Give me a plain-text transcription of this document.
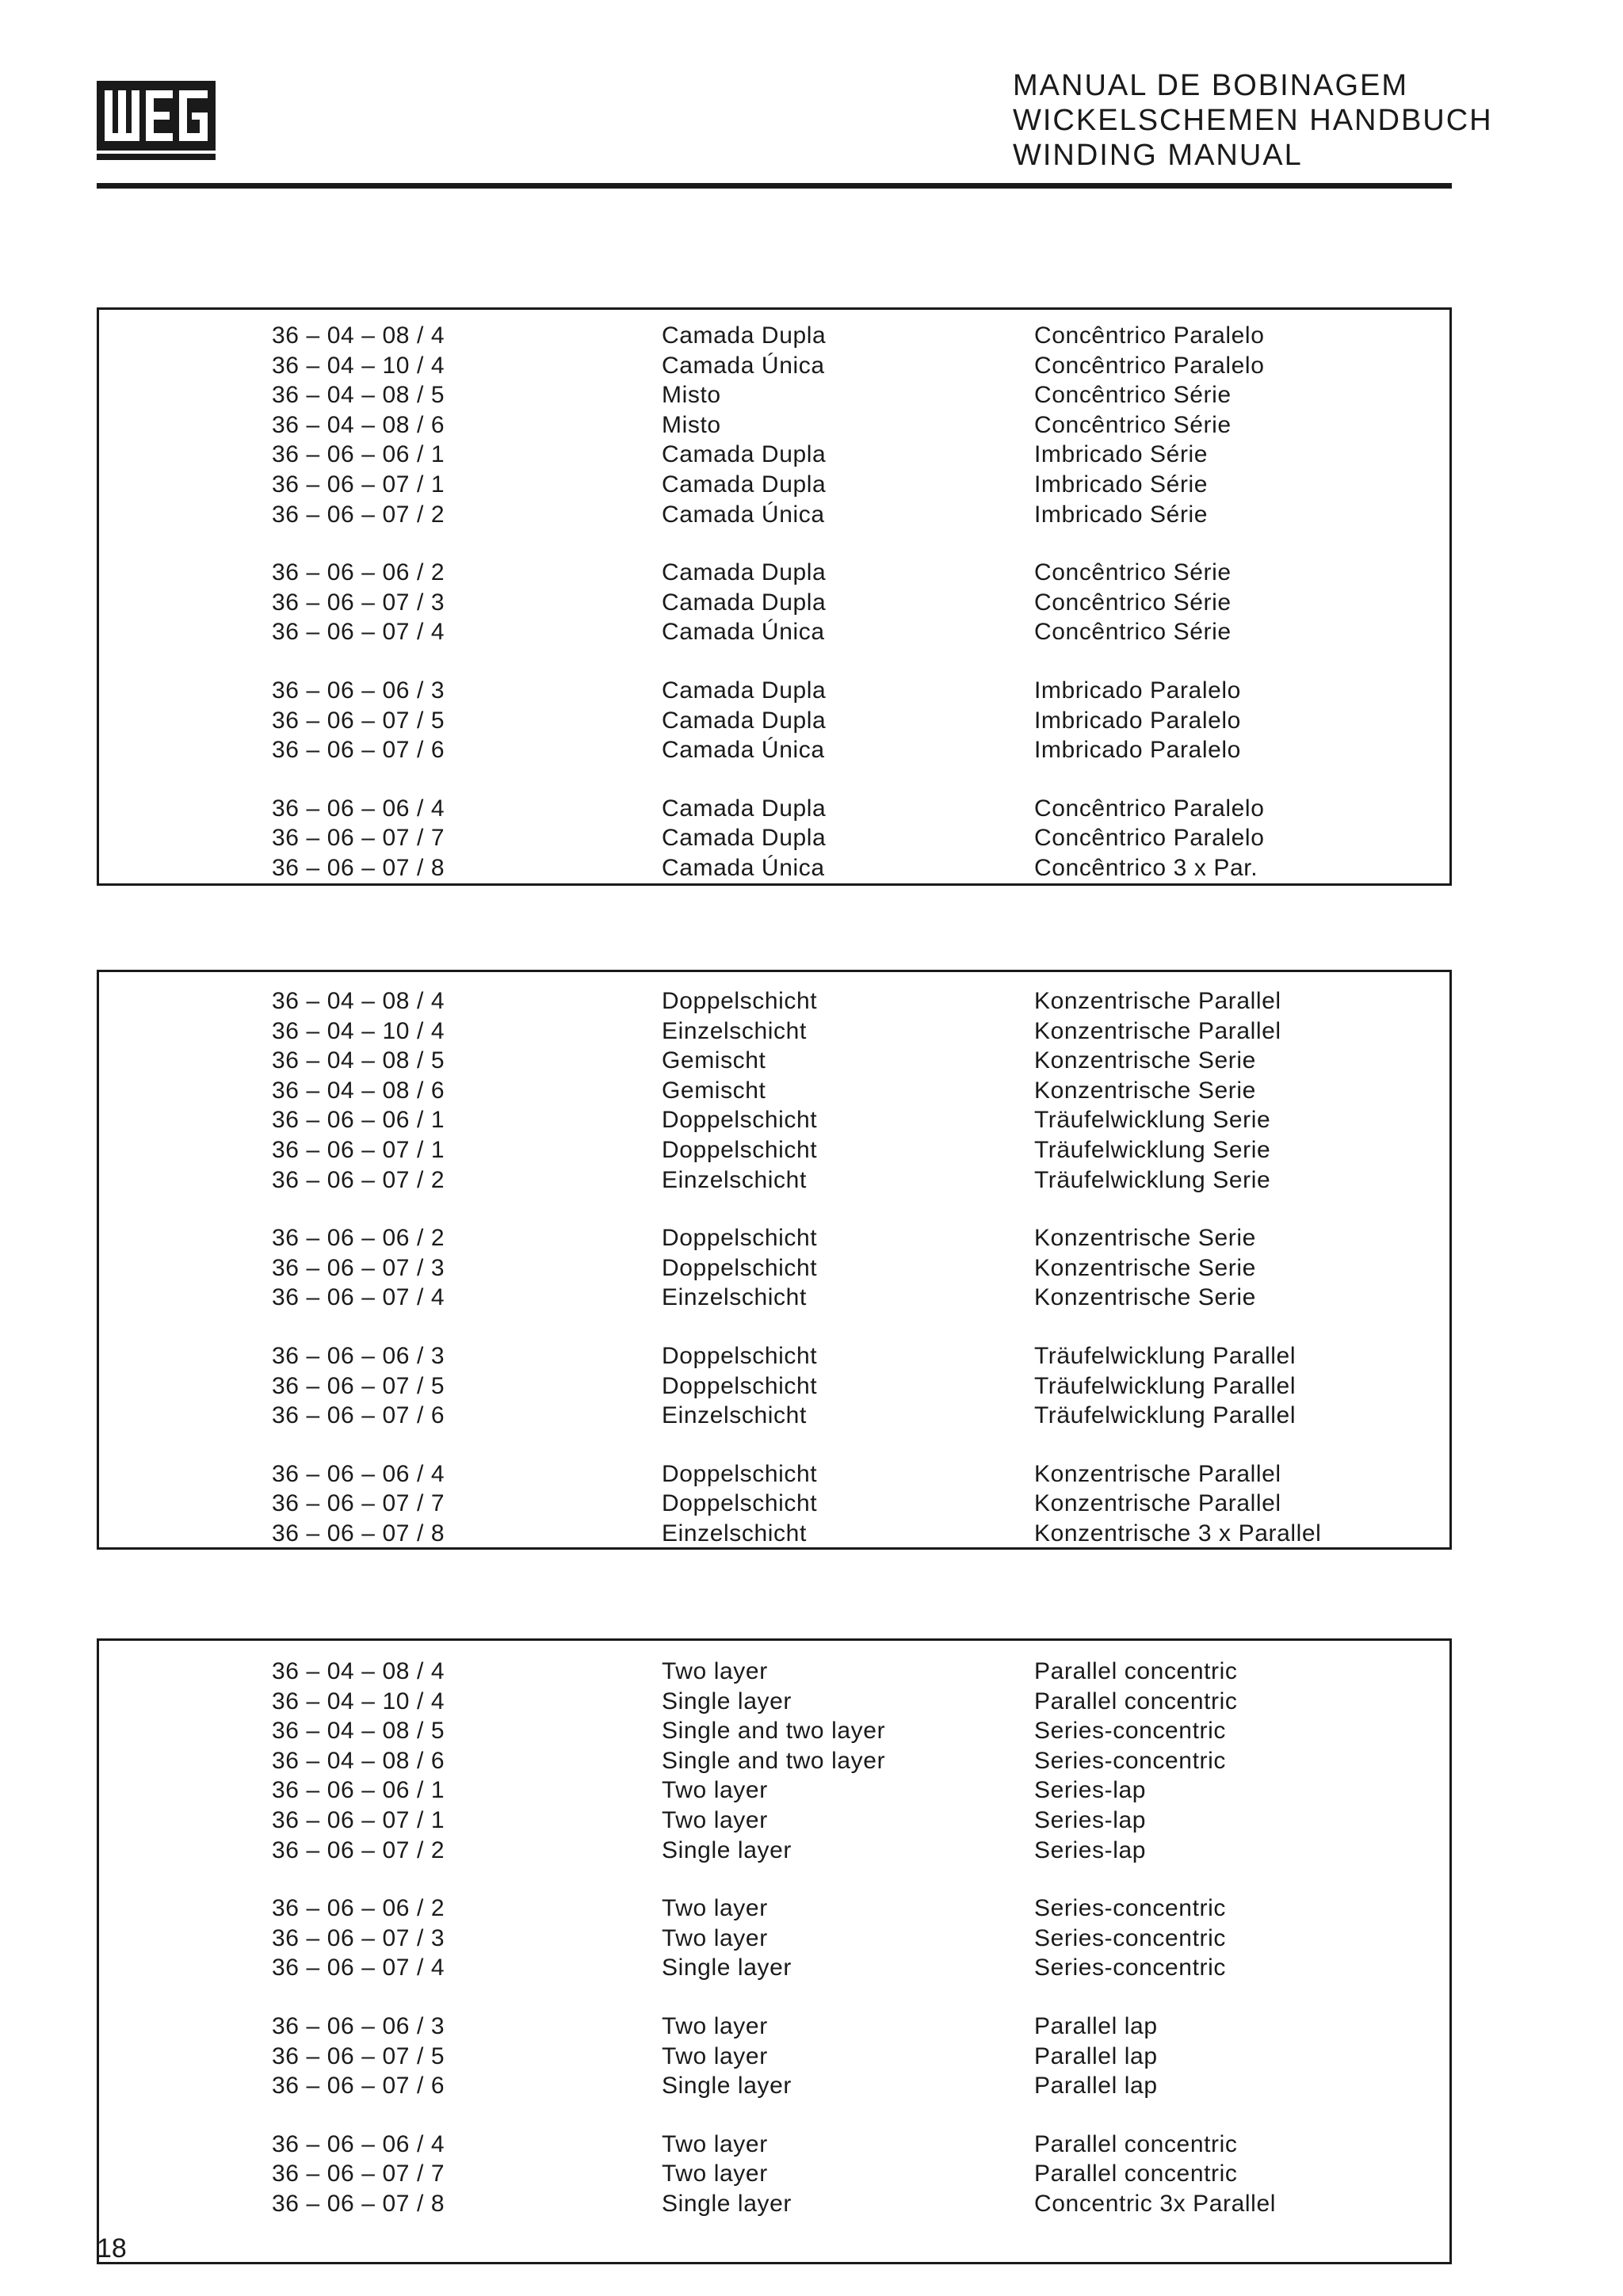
MANUAL DE BOBINAGEM
WICKELSCHEMEN HANDBUCH
WINDING MANUAL
36 – 04 – 08 / 4	Camada Dupla	Concêntrico Paralelo
36 – 04 – 10 / 4	Camada Única	Concêntrico Paralelo
36 – 04 – 08 / 5	Misto	Concêntrico Série
36 – 04 – 08 / 6	Misto	Concêntrico Série
36 – 06 – 06 / 1	Camada Dupla	Imbricado Série
36 – 06 – 07 / 1	Camada Dupla	Imbricado Série
36 – 06 – 07 / 2	Camada Única	Imbricado Série
36 – 06 – 06 / 2	Camada Dupla	Concêntrico Série
36 – 06 – 07 / 3	Camada Dupla	Concêntrico Série
36 – 06 – 07 / 4	Camada Única	Concêntrico Série
36 – 06 – 06 / 3	Camada Dupla	Imbricado Paralelo
36 – 06 – 07 / 5	Camada Dupla	Imbricado Paralelo
36 – 06 – 07 / 6	Camada Única	Imbricado Paralelo
36 – 06 – 06 / 4	Camada Dupla	Concêntrico Paralelo
36 – 06 – 07 / 7	Camada Dupla	Concêntrico Paralelo
36 – 06 – 07 / 8	Camada Única	Concêntrico 3 x Par.
36 – 04 – 08 / 4	Doppelschicht	Konzentrische Parallel
36 – 04 – 10 / 4	Einzelschicht	Konzentrische Parallel
36 – 04 – 08 / 5	Gemischt	Konzentrische Serie
36 – 04 – 08 / 6	Gemischt	Konzentrische Serie
36 – 06 – 06 / 1	Doppelschicht	Träufelwicklung Serie
36 – 06 – 07 / 1	Doppelschicht	Träufelwicklung Serie
36 – 06 – 07 / 2	Einzelschicht	Träufelwicklung Serie
36 – 06 – 06 / 2	Doppelschicht	Konzentrische Serie
36 – 06 – 07 / 3	Doppelschicht	Konzentrische Serie
36 – 06 – 07 / 4	Einzelschicht	Konzentrische Serie
36 – 06 – 06 / 3	Doppelschicht	Träufelwicklung Parallel
36 – 06 – 07 / 5	Doppelschicht	Träufelwicklung Parallel
36 – 06 – 07 / 6	Einzelschicht	Träufelwicklung Parallel
36 – 06 – 06 / 4	Doppelschicht	Konzentrische Parallel
36 – 06 – 07 / 7	Doppelschicht	Konzentrische Parallel
36 – 06 – 07 / 8	Einzelschicht	Konzentrische 3 x Parallel
36 – 04 – 08 / 4	Two layer	Parallel concentric
36 – 04 – 10 / 4	Single layer	Parallel concentric
36 – 04 – 08 / 5	Single and two layer	Series-concentric
36 – 04 – 08 / 6	Single and two layer	Series-concentric
36 – 06 – 06 / 1	Two layer	Series-lap
36 – 06 – 07 / 1	Two layer	Series-lap
36 – 06 – 07 / 2	Single layer	Series-lap
36 – 06 – 06 / 2	Two layer	Series-concentric
36 – 06 – 07 / 3	Two layer	Series-concentric
36 – 06 – 07 / 4	Single layer	Series-concentric
36 – 06 – 06 / 3	Two layer	Parallel lap
36 – 06 – 07 / 5	Two layer	Parallel lap
36 – 06 – 07 / 6	Single layer	Parallel lap
36 – 06 – 06 / 4	Two layer	Parallel concentric
36 – 06 – 07 / 7	Two layer	Parallel concentric
36 – 06 – 07 / 8	Single layer	Concentric 3x Parallel
18
